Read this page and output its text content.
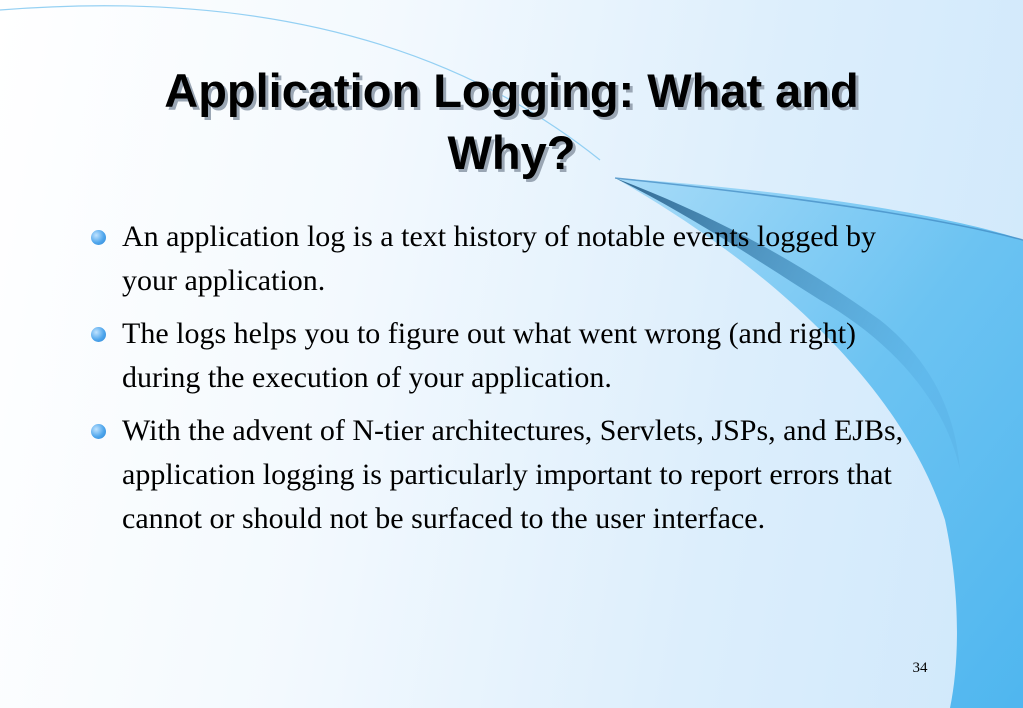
Application Logging: What and Why?
An application log is a text history of notable events logged by your application.
The logs helps you to figure out what went wrong (and right) during the execution of your application.
With the advent of N-tier architectures, Servlets, JSPs, and EJBs, application logging is particularly important to report errors that cannot or should not be surfaced to the user interface.
34
